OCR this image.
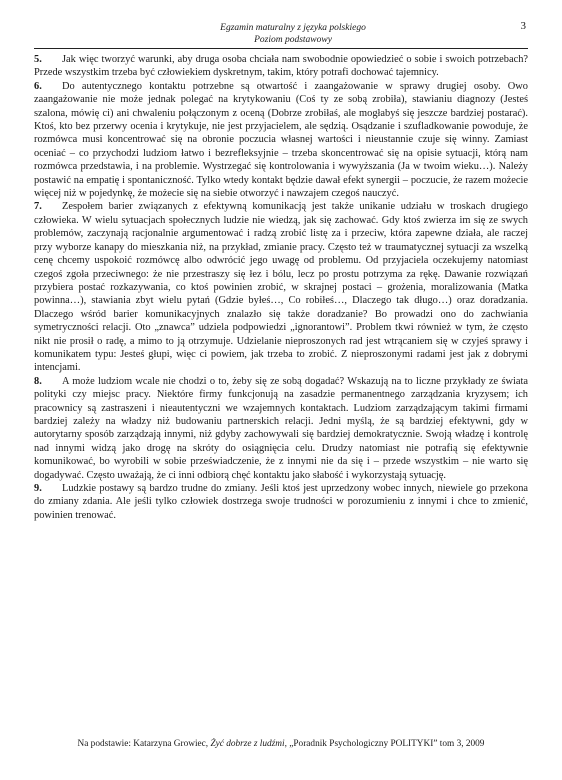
Egzamin maturalny z języka polskiego
Poziom podstawowy
3

5. Jak więc tworzyć warunki, aby druga osoba chciała nam swobodnie opowiedzieć o sobie i swoich potrzebach? Przede wszystkim trzeba być człowiekiem dyskretnym, takim, który potrafi dochować tajemnicy.

6. Do autentycznego kontaktu potrzebne są otwartość i zaangażowanie w sprawy drugiej osoby. Owo zaangażowanie nie może jednak polegać na krytykowaniu (Coś ty ze sobą zrobiła), stawianiu diagnozy (Jesteś szalona, mówię ci) ani chwaleniu połączonym z oceną (Dobrze zrobiłaś, ale mogłabyś się jeszcze bardziej postarać). Ktoś, kto bez przerwy ocenia i krytykuje, nie jest przyjacielem, ale sędzią. Osądzanie i szufladkowanie powoduje, że rozmówca musi koncentrować się na obronie poczucia własnej wartości i nieustannie czuje się winny. Zamiast oceniać – co przychodzi ludziom łatwo i bezrefleksyjnie – trzeba skoncentrować się na opisie sytuacji, którą nam rozmówca przedstawia, i na problemie. Wystrzegać się kontrolowania i wywyższania (Ja w twoim wieku…). Należy postawić na empatię i spontaniczność. Tylko wtedy kontakt będzie dawał efekt synergii – poczucie, że razem możecie więcej niż w pojedynkę, że możecie się na siebie otworzyć i nawzajem czegoś nauczyć.

7. Zespołem barier związanych z efektywną komunikacją jest także unikanie udziału w troskach drugiego człowieka. W wielu sytuacjach społecznych ludzie nie wiedzą, jak się zachować. Gdy ktoś zwierza im się ze swych problemów, zaczynają racjonalnie argumentować i radzą zrobić listę za i przeciw, która zapewne działa, ale raczej przy wyborze kanapy do mieszkania niż, na przykład, zmianie pracy. Często też w traumatycznej sytuacji za wszelką cenę chcemy uspokoić rozmówcę albo odwrócić jego uwagę od problemu. Od przyjaciela oczekujemy natomiast czegoś zgoła przeciwnego: że nie przestraszy się łez i bólu, lecz po prostu potrzyma za rękę. Dawanie rozwiązań przybiera postać rozkazywania, co ktoś powinien zrobić, w skrajnej postaci – grożenia, moralizowania (Matka powinna…), stawiania zbyt wielu pytań (Gdzie byłeś…, Co robiłeś…, Dlaczego tak długo…) oraz doradzania. Dlaczego wśród barier komunikacyjnych znalazło się także doradzanie? Bo prowadzi ono do zachwiania symetryczności relacji. Oto „znawca” udziela podpowiedzi „ignorantowi”. Problem tkwi również w tym, że często nikt nie prosił o radę, a mimo to ją otrzymuje. Udzielanie nieproszonych rad jest wtrącaniem się w czyjeś sprawy i komunikatem typu: Jesteś głupi, więc ci powiem, jak trzeba to zrobić. Z nieproszonymi radami jest jak z dobrymi intencjami.

8. A może ludziom wcale nie chodzi o to, żeby się ze sobą dogadać? Wskazują na to liczne przykłady ze świata polityki czy miejsc pracy. Niektóre firmy funkcjonują na zasadzie permanentnego zarządzania kryzysem; ich pracownicy są zastraszeni i nieautentyczni we wzajemnych kontaktach. Ludziom zarządzającym takimi firmami bardziej zależy na władzy niż budowaniu partnerskich relacji. Jedni myślą, że są bardziej efektywni, gdy w autorytarny sposób zarządzają innymi, niż gdyby zachowywali się bardziej demokratycznie. Swoją władzę i kontrolę nad innymi widzą jako drogę na skróty do osiągnięcia celu. Drudzy natomiast nie potrafią się efektywnie komunikować, bo wyrobili w sobie przeświadczenie, że z innymi nie da się i – przede wszystkim – nie warto się dogadywać. Często uważają, że ci inni odbiorą chęć kontaktu jako słabość i wykorzystają sytuację.

9. Ludzkie postawy są bardzo trudne do zmiany. Jeśli ktoś jest uprzedzony wobec innych, niewiele go przekona do zmiany zdania. Ale jeśli tylko człowiek dostrzega swoje trudności w porozumieniu z innymi i chce to zmienić, powinien trenować.

Na podstawie: Katarzyna Growiec, Żyć dobrze z ludźmi, „Poradnik Psychologiczny POLITYKI” tom 3, 2009
